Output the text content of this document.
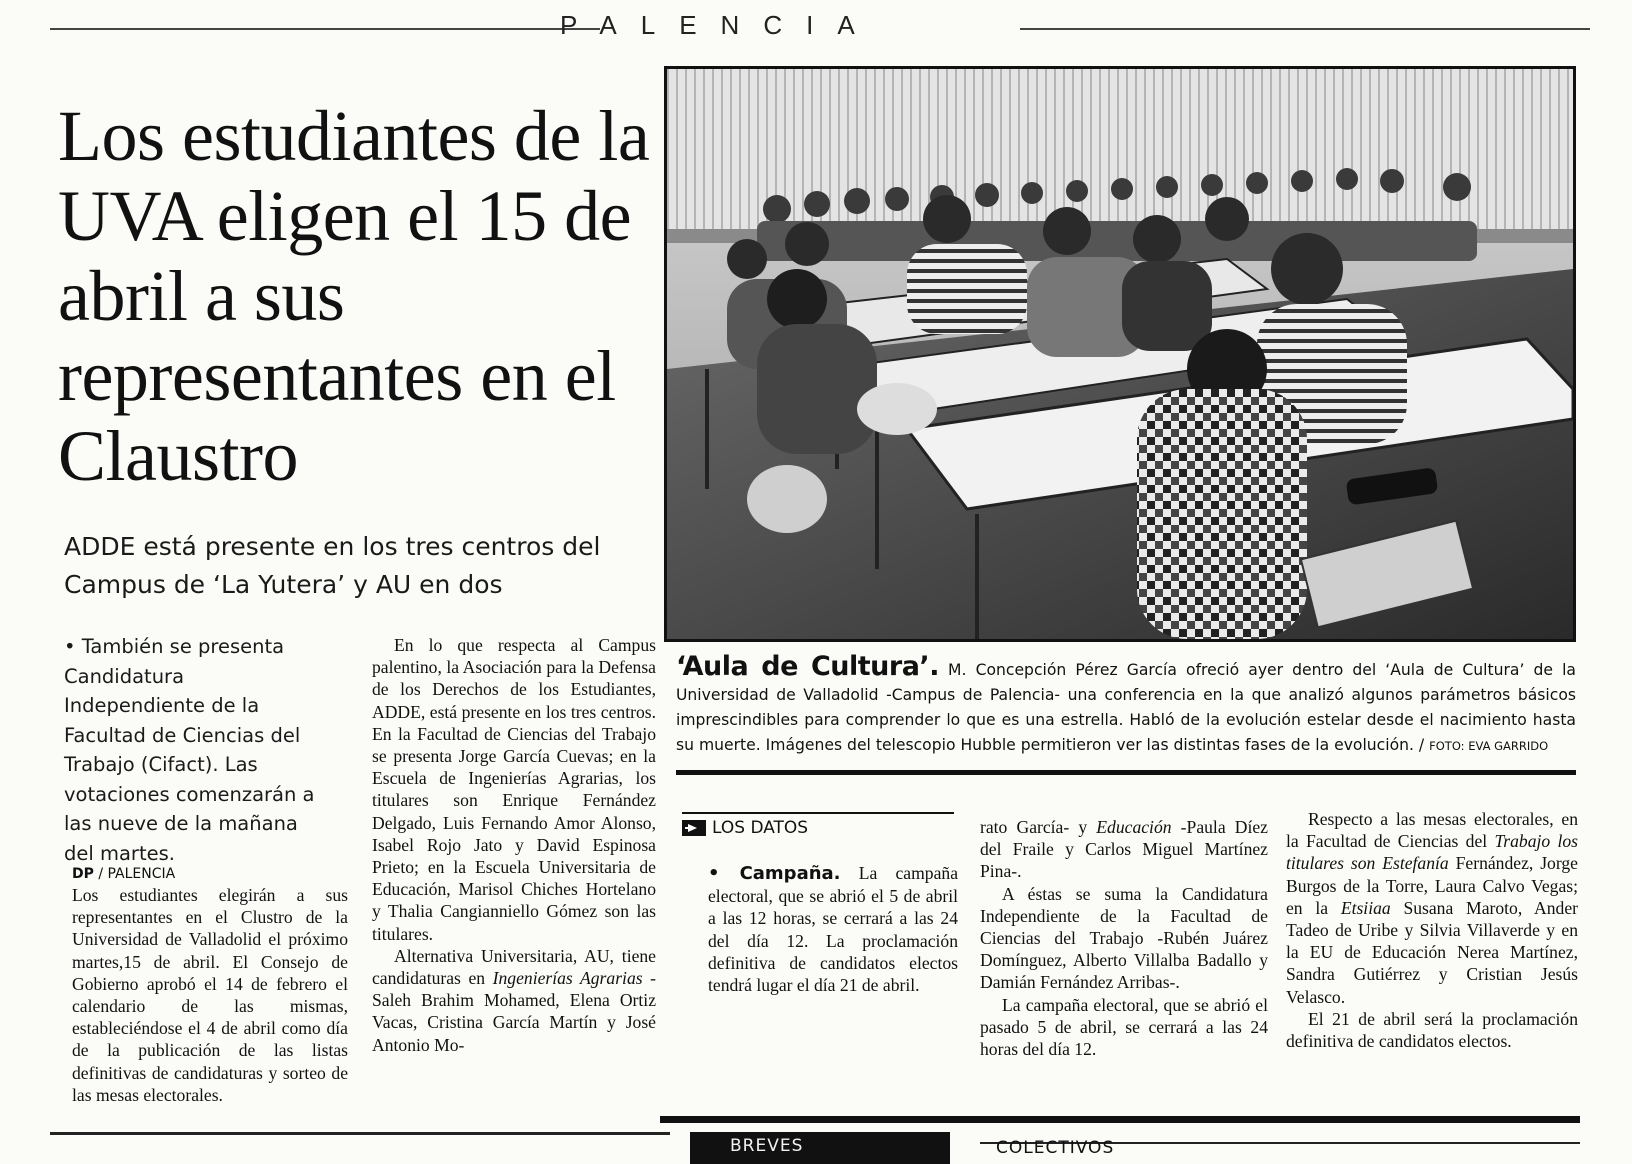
PALENCIA
Los estudiantes de la UVA eligen el 15 de abril a sus representantes en el Claustro
ADDE está presente en los tres centros del Campus de ‘La Yutera’ y AU en dos
• También se presenta Candidatura Independiente de la Facultad de Ciencias del Trabajo (Cifact). Las votaciones comenzarán a las nueve de la mañana del martes.
DP / PALENCIA

Los estudiantes elegirán a sus representantes en el Clustro de la Universidad de Valladolid el próximo martes,15 de abril. El Consejo de Gobierno aprobó el 14 de febrero el calendario de las mismas, estableciéndose el 4 de abril como día de la publicación de las listas definitivas de candidaturas y sorteo de las mesas electorales.

En lo que respecta al Campus palentino, la Asociación para la Defensa de los Derechos de los Estudiantes, ADDE, está presente en los tres centros. En la Facultad de Ciencias del Trabajo se presenta Jorge García Cuevas; en la Escuela de Ingenierías Agrarias, los titulares son Enrique Fernández Delgado, Luis Fernando Amor Alonso, Isabel Rojo Jato y David Espinosa Prieto; en la Escuela Universitaria de Educación, Marisol Chiches Hortelano y Thalia Cangianniello Gómez son las titulares.

Alternativa Universitaria, AU, tiene candidaturas en Ingenierías Agrarias -Saleh Brahim Mohamed, Elena Ortiz Vacas, Cristina García Martín y José Antonio Mo-

‘Aula de Cultura’. M. Concepción Pérez García ofreció ayer dentro del ‘Aula de Cultura’ de la Universidad de Valladolid -Campus de Palencia- una conferencia en la que analizó algunos parámetros básicos imprescindibles para comprender lo que es una estrella. Habló de la evolución estelar desde el nacimiento hasta su muerte. Imágenes del telescopio Hubble permitieron ver las distintas fases de la evolución. / FOTO: EVA GARRIDO
LOS DATOS
• Campaña. La campaña electoral, que se abrió el 5 de abril a las 12 horas, se cerrará a las 24 del día 12. La proclamación definitiva de candidatos electos tendrá lugar el día 21 de abril.

rato García- y Educación -Paula Díez del Fraile y Carlos Miguel Martínez Pina-.

A éstas se suma la Candidatura Independiente de la Facultad de Ciencias del Trabajo -Rubén Juárez Domínguez, Alberto Villalba Badallo y Damián Fernández Arribas-.

La campaña electoral, que se abrió el pasado 5 de abril, se cerrará a las 24 horas del día 12.

Respecto a las mesas electorales, en la Facultad de Ciencias del Trabajo los titulares son Estefanía Fernández, Jorge Burgos de la Torre, Laura Calvo Vegas; en la Etsiiaa Susana Maroto, Ander Tadeo de Uribe y Silvia Villaverde y en la EU de Educación Nerea Martínez, Sandra Gutiérrez y Cristian Jesús Velasco.

El 21 de abril será la proclamación definitiva de candidatos electos.

BREVES	COLECTIVOS
